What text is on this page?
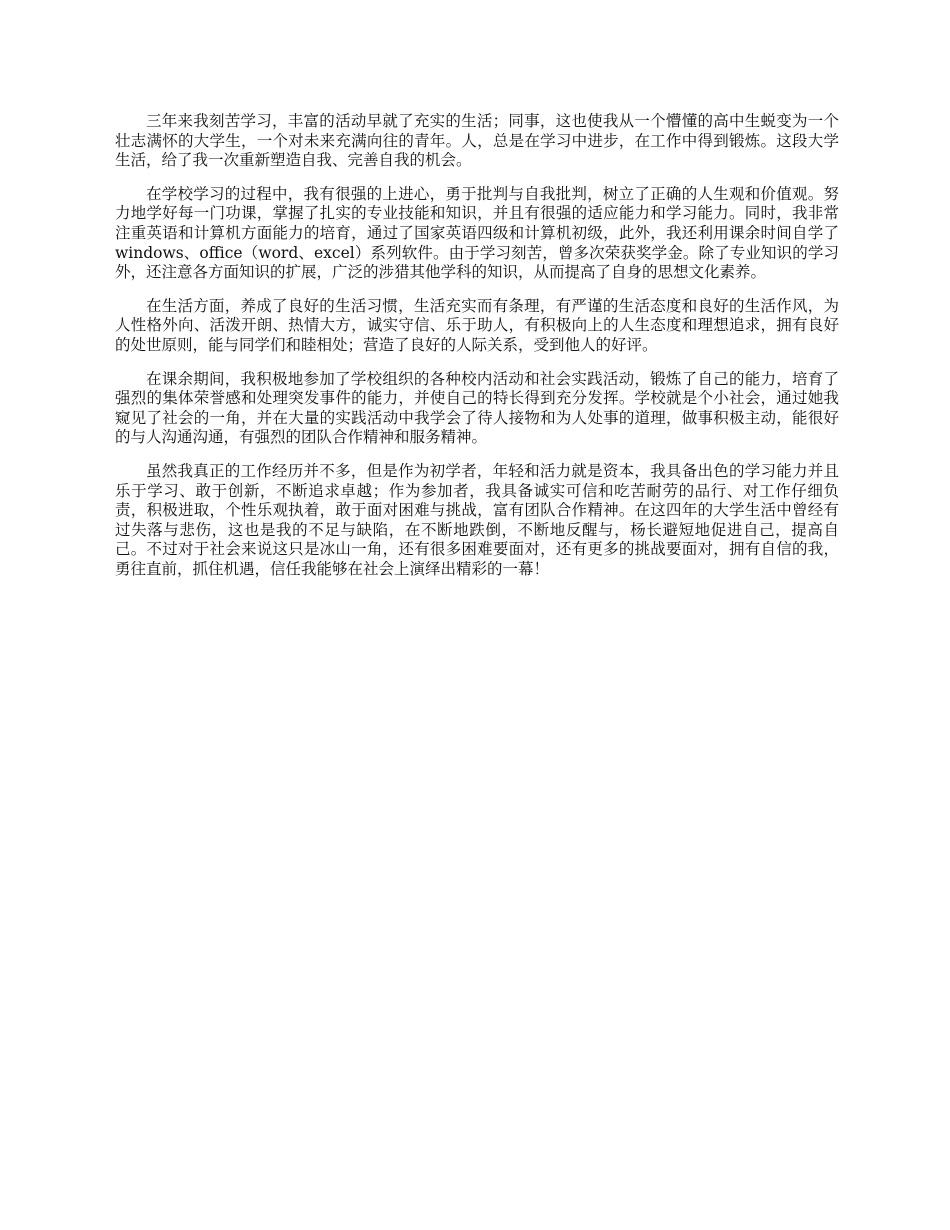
三年来我刻苦学习，丰富的活动早就了充实的生活；同事，这也使我从一个懵懂的高中生蜕变为一个壮志满怀的大学生，一个对未来充满向往的青年。人，总是在学习中进步，在工作中得到锻炼。这段大学生活，给了我一次重新塑造自我、完善自我的机会。

在学校学习的过程中，我有很强的上进心，勇于批判与自我批判，树立了正确的人生观和价值观。努力地学好每一门功课，掌握了扎实的专业技能和知识，并且有很强的适应能力和学习能力。同时，我非常注重英语和计算机方面能力的培育，通过了国家英语四级和计算机初级，此外，我还利用课余时间自学了windows、office（word、excel）系列软件。由于学习刻苦，曾多次荣获奖学金。除了专业知识的学习外，还注意各方面知识的扩展，广泛的涉猎其他学科的知识，从而提高了自身的思想文化素养。

在生活方面，养成了良好的生活习惯，生活充实而有条理，有严谨的生活态度和良好的生活作风，为人性格外向、活泼开朗、热情大方，诚实守信、乐于助人，有积极向上的人生态度和理想追求，拥有良好的处世原则，能与同学们和睦相处；营造了良好的人际关系，受到他人的好评。

在课余期间，我积极地参加了学校组织的各种校内活动和社会实践活动，锻炼了自己的能力，培育了强烈的集体荣誉感和处理突发事件的能力，并使自己的特长得到充分发挥。学校就是个小社会，通过她我窥见了社会的一角，并在大量的实践活动中我学会了待人接物和为人处事的道理，做事积极主动，能很好的与人沟通沟通，有强烈的团队合作精神和服务精神。

虽然我真正的工作经历并不多，但是作为初学者，年轻和活力就是资本，我具备出色的学习能力并且乐于学习、敢于创新，不断追求卓越；作为参加者，我具备诚实可信和吃苦耐劳的品行、对工作仔细负责，积极进取，个性乐观执着，敢于面对困难与挑战，富有团队合作精神。在这四年的大学生活中曾经有过失落与悲伤，这也是我的不足与缺陷，在不断地跌倒，不断地反醒与，杨长避短地促进自己，提高自己。不过对于社会来说这只是冰山一角，还有很多困难要面对，还有更多的挑战要面对，拥有自信的我，勇往直前，抓住机遇，信任我能够在社会上演绎出精彩的一幕！
